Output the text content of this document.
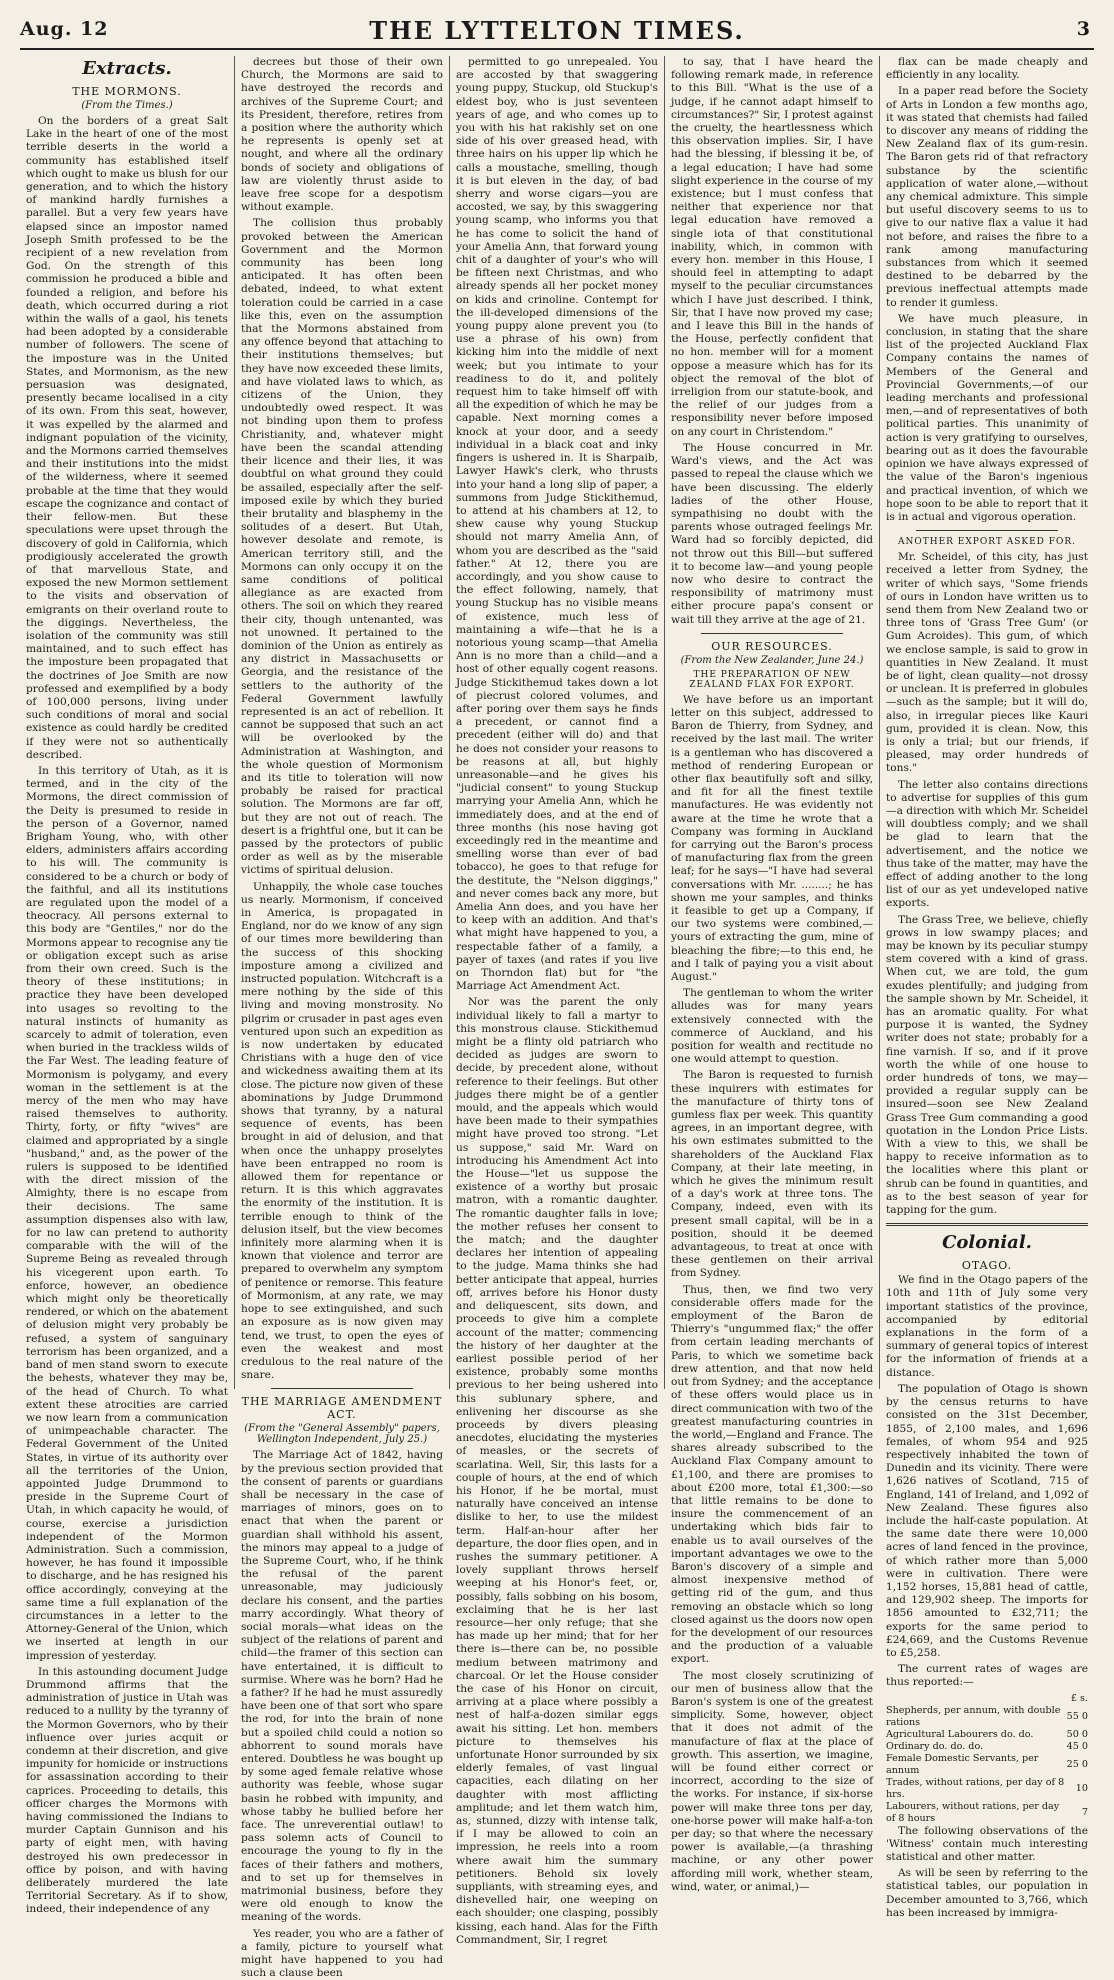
Aug. 12	THE LYTTELTON TIMES.	3
Extracts.
THE MORMONS.
(From the Times.)

On the borders of a great Salt Lake in the heart of one of the most terrible deserts in the world a community has established itself which ought to make us blush for our generation, and to which the history of mankind hardly furnishes a parallel. But a very few years have elapsed since an impostor named Joseph Smith professed to be the recipient of a new revelation from God. On the strength of this commission he produced a bible and founded a religion, and before his death, which occurred during a riot within the walls of a gaol, his tenets had been adopted by a considerable number of followers. The scene of the imposture was in the United States, and Mormonism, as the new persuasion was designated, presently became localised in a city of its own. From this seat, however, it was expelled by the alarmed and indignant population of the vicinity, and the Mormons carried themselves and their institutions into the midst of the wilderness, where it seemed probable at the time that they would escape the cognizance and contact of their fellow-men. But these speculations were upset through the discovery of gold in California, which prodigiously accelerated the growth of that marvellous State, and exposed the new Mormon settlement to the visits and observation of emigrants on their overland route to the diggings. Nevertheless, the isolation of the community was still maintained, and to such effect has the imposture been propagated that the doctrines of Joe Smith are now professed and exemplified by a body of 100,000 persons, living under such conditions of moral and social existence as could hardly be credited if they were not so authentically described.

In this territory of Utah, as it is termed, and in the city of the Mormons, the direct commission of the Deity is presumed to reside in the person of a Governor, named Brigham Young, who, with other elders, administers affairs according to his will. The community is considered to be a church or body of the faithful, and all its institutions are regulated upon the model of a theocracy. All persons external to this body are "Gentiles," nor do the Mormons appear to recognise any tie or obligation except such as arise from their own creed. Such is the theory of these institutions; in practice they have been developed into usages so revolting to the natural instincts of humanity as scarcely to admit of toleration, even when buried in the trackless wilds of the Far West. The leading feature of Mormonism is polygamy, and every woman in the settlement is at the mercy of the men who may have raised themselves to authority. Thirty, forty, or fifty "wives" are claimed and appropriated by a single "husband," and, as the power of the rulers is supposed to be identified with the direct mission of the Almighty, there is no escape from their decisions. The same assumption dispenses also with law, for no law can pretend to authority comparable with the will of the Supreme Being as revealed through his vicegerent upon earth. To enforce, however, an obedience which might only be theoretically rendered, or which on the abatement of delusion might very probably be refused, a system of sanguinary terrorism has been organized, and a band of men stand sworn to execute the behests, whatever they may be, of the head of Church. To what extent these atrocities are carried we now learn from a communication of unimpeachable character. The Federal Government of the United States, in virtue of its authority over all the territories of the Union, appointed Judge Drummond to preside in the Supreme Court of Utah, in which capacity he would, of course, exercise a jurisdiction independent of the Mormon Administration. Such a commission, however, he has found it impossible to discharge, and he has resigned his office accordingly, conveying at the same time a full explanation of the circumstances in a letter to the Attorney-General of the Union, which we inserted at length in our impression of yesterday.

In this astounding document Judge Drummond affirms that the administration of justice in Utah was reduced to a nullity by the tyranny of the Mormon Governors, who by their influence over juries acquit or condemn at their discretion, and give impunity for homicide or instructions for assassination according to their caprices. Proceeding to details, this officer charges the Mormons with having commissioned the Indians to murder Captain Gunnison and his party of eight men, with having destroyed his own predecessor in office by poison, and with having deliberately murdered the late Territorial Secretary. As if to show, indeed, their independence of any

decrees but those of their own Church, the Mormons are said to have destroyed the records and archives of the Supreme Court; and its President, therefore, retires from a position where the authority which he represents is openly set at nought, and where all the ordinary bonds of society and obligations of law are violently thrust aside to leave free scope for a despotism without example.

The collision thus probably provoked between the American Government and the Mormon community has been long anticipated. It has often been debated, indeed, to what extent toleration could be carried in a case like this, even on the assumption that the Mormons abstained from any offence beyond that attaching to their institutions themselves; but they have now exceeded these limits, and have violated laws to which, as citizens of the Union, they undoubtedly owed respect. It was not binding upon them to profess Christianity, and, whatever might have been the scandal attending their licence and their lies, it was doubtful on what ground they could be assailed, especially after the self-imposed exile by which they buried their brutality and blasphemy in the solitudes of a desert. But Utah, however desolate and remote, is American territory still, and the Mormons can only occupy it on the same conditions of political allegiance as are exacted from others. The soil on which they reared their city, though untenanted, was not unowned. It pertained to the dominion of the Union as entirely as any district in Massachusetts or Georgia, and the resistance of the settlers to the authority of the Federal Government lawfully represented is an act of rebellion. It cannot be supposed that such an act will be overlooked by the Administration at Washington, and the whole question of Mormonism and its title to toleration will now probably be raised for practical solution. The Mormons are far off, but they are not out of reach. The desert is a frightful one, but it can be passed by the protectors of public order as well as by the miserable victims of spiritual delusion.

Unhappily, the whole case touches us nearly. Mormonism, if conceived in America, is propagated in England, nor do we know of any sign of our times more bewildering than the success of this shocking imposture among a civilized and instructed population. Witchcraft is a mere nothing by the side of this living and moving monstrosity. No pilgrim or crusader in past ages even ventured upon such an expedition as is now undertaken by educated Christians with a huge den of vice and wickedness awaiting them at its close. The picture now given of these abominations by Judge Drummond shows that tyranny, by a natural sequence of events, has been brought in aid of delusion, and that when once the unhappy proselytes have been entrapped no room is allowed them for repentance or return. It is this which aggravates the enormity of the institution. It is terrible enough to think of the delusion itself, but the view becomes infinitely more alarming when it is known that violence and terror are prepared to overwhelm any symptom of penitence or remorse. This feature of Mormonism, at any rate, we may hope to see extinguished, and such an exposure as is now given may tend, we trust, to open the eyes of even the weakest and most credulous to the real nature of the snare.

THE MARRIAGE AMENDMENT ACT.
(From the "General Assembly" papers, Wellington Independent, July 25.)

The Marriage Act of 1842, having by the previous section provided that the consent of parents or guardians shall be necessary in the case of marriages of minors, goes on to enact that when the parent or guardian shall withhold his assent, the minors may appeal to a judge of the Supreme Court, who, if he think the refusal of the parent unreasonable, may judiciously declare his consent, and the parties marry accordingly. What theory of social morals—what ideas on the subject of the relations of parent and child—the framer of this section can have entertained, it is difficult to surmise. Where was he born? Had he a father? If he had he must assuredly have been one of that sort who spare the rod, for into the brain of none but a spoiled child could a notion so abhorrent to sound morals have entered. Doubtless he was bought up by some aged female relative whose authority was feeble, whose sugar basin he robbed with impunity, and whose tabby he bullied before her face. The unreverential outlaw! to pass solemn acts of Council to encourage the young to fly in the faces of their fathers and mothers, and to set up for themselves in matrimonial business, before they were old enough to know the meaning of the words.

Yes reader, you who are a father of a family, picture to yourself what might have happened to you had such a clause been

permitted to go unrepealed. You are accosted by that swaggering young puppy, Stuckup, old Stuckup's eldest boy, who is just seventeen years of age, and who comes up to you with his hat rakishly set on one side of his over greased head, with three hairs on his upper lip which he calls a moustache, smelling, though it is but eleven in the day, of bad sherry and worse cigars—you are accosted, we say, by this swaggering young scamp, who informs you that he has come to solicit the hand of your Amelia Ann, that forward young chit of a daughter of your's who will be fifteen next Christmas, and who already spends all her pocket money on kids and crinoline. Contempt for the ill-developed dimensions of the young puppy alone prevent you (to use a phrase of his own) from kicking him into the middle of next week; but you intimate to your readiness to do it, and politely request him to take himself off with all the expedition of which he may be capable. Next morning comes a knock at your door, and a seedy individual in a black coat and inky fingers is ushered in. It is Sharpaib, Lawyer Hawk's clerk, who thrusts into your hand a long slip of paper, a summons from Judge Stickithemud, to attend at his chambers at 12, to shew cause why young Stuckup should not marry Amelia Ann, of whom you are described as the "said father." At 12, there you are accordingly, and you show cause to the effect following, namely, that young Stuckup has no visible means of existence, much less of maintaining a wife—that he is a notorious young scamp—that Amelia Ann is no more than a child—and a host of other equally cogent reasons. Judge Stickithemud takes down a lot of piecrust colored volumes, and after poring over them says he finds a precedent, or cannot find a precedent (either will do) and that he does not consider your reasons to be reasons at all, but highly unreasonable—and he gives his "judicial consent" to young Stuckup marrying your Amelia Ann, which he immediately does, and at the end of three months (his nose having got exceedingly red in the meantime and smelling worse than ever of bad tobacco), he goes to that refuge for the destitute, the "Nelson diggings," and never comes back any more, but Amelia Ann does, and you have her to keep with an addition. And that's what might have happened to you, a respectable father of a family, a payer of taxes (and rates if you live on Thorndon flat) but for "the Marriage Act Amendment Act.

Nor was the parent the only individual likely to fall a martyr to this monstrous clause. Stickithemud might be a flinty old patriarch who decided as judges are sworn to decide, by precedent alone, without reference to their feelings. But other judges there might be of a gentler mould, and the appeals which would have been made to their sympathies might have proved too strong. "Let us suppose," said Mr. Ward on introducing his Amendment Act into the House—"let us suppose the existence of a worthy but prosaic matron, with a romantic daughter. The romantic daughter falls in love; the mother refuses her consent to the match; and the daughter declares her intention of appealing to the judge. Mama thinks she had better anticipate that appeal, hurries off, arrives before his Honor dusty and deliquescent, sits down, and proceeds to give him a complete account of the matter; commencing the history of her daughter at the earliest possible period of her existence, probably some months previous to her being ushered into this sublunary sphere, and enlivening her discourse as she proceeds by divers pleasing anecdotes, elucidating the mysteries of measles, or the secrets of scarlatina. Well, Sir, this lasts for a couple of hours, at the end of which his Honor, if he be mortal, must naturally have conceived an intense dislike to her, to use the mildest term. Half-an-hour after her departure, the door flies open, and in rushes the summary petitioner. A lovely suppliant throws herself weeping at his Honor's feet, or, possibly, falls sobbing on his bosom, exclaiming that he is her last resource—her only refuge; that she has made up her mind; that for her there is—there can be, no possible medium between matrimony and charcoal. Or let the House consider the case of his Honor on circuit, arriving at a place where possibly a nest of half-a-dozen similar eggs await his sitting. Let hon. members picture to themselves his unfortunate Honor surrounded by six elderly females, of vast lingual capacities, each dilating on her daughter with most afflicting amplitude; and let them watch him, as, stunned, dizzy with intense talk, if I may be allowed to coin an impression, he reels into a room where await him the summary petitioners. Behold six lovely suppliants, with streaming eyes, and dishevelled hair, one weeping on each shoulder; one clasping, possibly kissing, each hand. Alas for the Fifth Commandment, Sir, I regret

to say, that I have heard the following remark made, in reference to this Bill. "What is the use of a judge, if he cannot adapt himself to circumstances?" Sir, I protest against the cruelty, the heartlessness which this observation implies. Sir, I have had the blessing, if blessing it be, of a legal education; I have had some slight experience in the course of my existence; but I must confess that neither that experience nor that legal education have removed a single iota of that constitutional inability, which, in common with every hon. member in this House, I should feel in attempting to adapt myself to the peculiar circumstances which I have just described. I think, Sir, that I have now proved my case; and I leave this Bill in the hands of the House, perfectly confident that no hon. member will for a moment oppose a measure which has for its object the removal of the blot of irreligion from our statute-book, and the relief of our judges from a responsibility never before imposed on any court in Christendom."

The House concurred in Mr. Ward's views, and the Act was passed to repeal the clause which we have been discussing. The elderly ladies of the other House, sympathising no doubt with the parents whose outraged feelings Mr. Ward had so forcibly depicted, did not throw out this Bill—but suffered it to become law—and young people now who desire to contract the responsibility of matrimony must either procure papa's consent or wait till they arrive at the age of 21.

OUR RESOURCES.
(From the New Zealander, June 24.)
THE PREPARATION OF NEW ZEALAND FLAX FOR EXPORT.

We have before us an important letter on this subject, addressed to Baron de Thierry, from Sydney, and received by the last mail. The writer is a gentleman who has discovered a method of rendering European or other flax beautifully soft and silky, and fit for all the finest textile manufactures. He was evidently not aware at the time he wrote that a Company was forming in Auckland for carrying out the Baron's process of manufacturing flax from the green leaf; for he says—"I have had several conversations with Mr. ........; he has shown me your samples, and thinks it feasible to get up a Company, if our two systems were combined,—yours of extracting the gum, mine of bleaching the fibre;—to this end, he and I talk of paying you a visit about August."

The gentleman to whom the writer alludes was for many years extensively connected with the commerce of Auckland, and his position for wealth and rectitude no one would attempt to question.

The Baron is requested to furnish these inquirers with estimates for the manufacture of thirty tons of gumless flax per week. This quantity agrees, in an important degree, with his own estimates submitted to the shareholders of the Auckland Flax Company, at their late meeting, in which he gives the minimum result of a day's work at three tons. The Company, indeed, even with its present small capital, will be in a position, should it be deemed advantageous, to treat at once with these gentlemen on their arrival from Sydney.

Thus, then, we find two very considerable offers made for the employment of the Baron de Thierry's "ungummed flax;" the offer from certain leading merchants of Paris, to which we sometime back drew attention, and that now held out from Sydney; and the acceptance of these offers would place us in direct communication with two of the greatest manufacturing countries in the world,—England and France. The shares already subscribed to the Auckland Flax Company amount to £1,100, and there are promises to about £200 more, total £1,300:—so that little remains to be done to insure the commencement of an undertaking which bids fair to enable us to avail ourselves of the important advantages we owe to the Baron's discovery of a simple and almost inexpensive method of getting rid of the gum, and thus removing an obstacle which so long closed against us the doors now open for the development of our resources and the production of a valuable export.

The most closely scrutinizing of our men of business allow that the Baron's system is one of the greatest simplicity. Some, however, object that it does not admit of the manufacture of flax at the place of growth. This assertion, we imagine, will be found either correct or incorrect, according to the size of the works. For instance, if six-horse power will make three tons per day, one-horse power will make half-a-ton per day; so that where the necessary power is available,—(a thrashing machine, or any other power affording mill work, whether steam, wind, water, or animal,)—

flax can be made cheaply and efficiently in any locality.

In a paper read before the Society of Arts in London a few months ago, it was stated that chemists had failed to discover any means of ridding the New Zealand flax of its gum-resin. The Baron gets rid of that refractory substance by the scientific application of water alone,—without any chemical admixture. This simple but useful discovery seems to us to give to our native flax a value it had not before, and raises the fibre to a rank among manufacturing substances from which it seemed destined to be debarred by the previous ineffectual attempts made to render it gumless.

We have much pleasure, in conclusion, in stating that the share list of the projected Auckland Flax Company contains the names of Members of the General and Provincial Governments,—of our leading merchants and professional men,—and of representatives of both political parties. This unanimity of action is very gratifying to ourselves, bearing out as it does the favourable opinion we have always expressed of the value of the Baron's ingenious and practical invention, of which we hope soon to be able to report that it is in actual and vigorous operation.

ANOTHER EXPORT ASKED FOR.

Mr. Scheidel, of this city, has just received a letter from Sydney, the writer of which says, "Some friends of ours in London have written us to send them from New Zealand two or three tons of 'Grass Tree Gum' (or Gum Acroides). This gum, of which we enclose sample, is said to grow in quantities in New Zealand. It must be of light, clean quality—not drossy or unclean. It is preferred in globules—such as the sample; but it will do, also, in irregular pieces like Kauri gum, provided it is clean. Now, this is only a trial; but our friends, if pleased, may order hundreds of tons."

The letter also contains directions to advertise for supplies of this gum—a direction with which Mr. Scheidel will doubtless comply; and we shall be glad to learn that the advertisement, and the notice we thus take of the matter, may have the effect of adding another to the long list of our as yet undeveloped native exports.

The Grass Tree, we believe, chiefly grows in low swampy places; and may be known by its peculiar stumpy stem covered with a kind of grass. When cut, we are told, the gum exudes plentifully; and judging from the sample shown by Mr. Scheidel, it has an aromatic quality. For what purpose it is wanted, the Sydney writer does not state; probably for a fine varnish. If so, and if it prove worth the while of one house to order hundreds of tons, we may—provided a regular supply can be insured—soon see New Zealand Grass Tree Gum commanding a good quotation in the London Price Lists. With a view to this, we shall be happy to receive information as to the localities where this plant or shrub can be found in quantities, and as to the best season of year for tapping for the gum.

Colonial.
OTAGO.

We find in the Otago papers of the 10th and 11th of July some very important statistics of the province, accompanied by editorial explanations in the form of a summary of general topics of interest for the information of friends at a distance.

The population of Otago is shown by the census returns to have consisted on the 31st December, 1855, of 2,100 males, and 1,696 females, of whom 954 and 925 respectively inhabited the town of Dunedin and its vicinity. There were 1,626 natives of Scotland, 715 of England, 141 of Ireland, and 1,092 of New Zealand. These figures also include the half-caste population. At the same date there were 10,000 acres of land fenced in the province, of which rather more than 5,000 were in cultivation. There were 1,152 horses, 15,881 head of cattle, and 129,902 sheep. The imports for 1856 amounted to £32,711; the exports for the same period to £24,669, and the Customs Revenue to £5,258.

The current rates of wages are thus reported:—

	£ s.
Shepherds, per annum, with double rations	55 0
Agricultural Labourers do. do.	50 0
Ordinary do. do. do.	45 0
Female Domestic Servants, per annum	25 0
Trades, without rations, per day of 8 hrs.	10
Labourers, without rations, per day of 8 hours	7

The following observations of the 'Witness' contain much interesting statistical and other matter.

As will be seen by referring to the statistical tables, our population in December amounted to 3,766, which has been increased by immigra-
